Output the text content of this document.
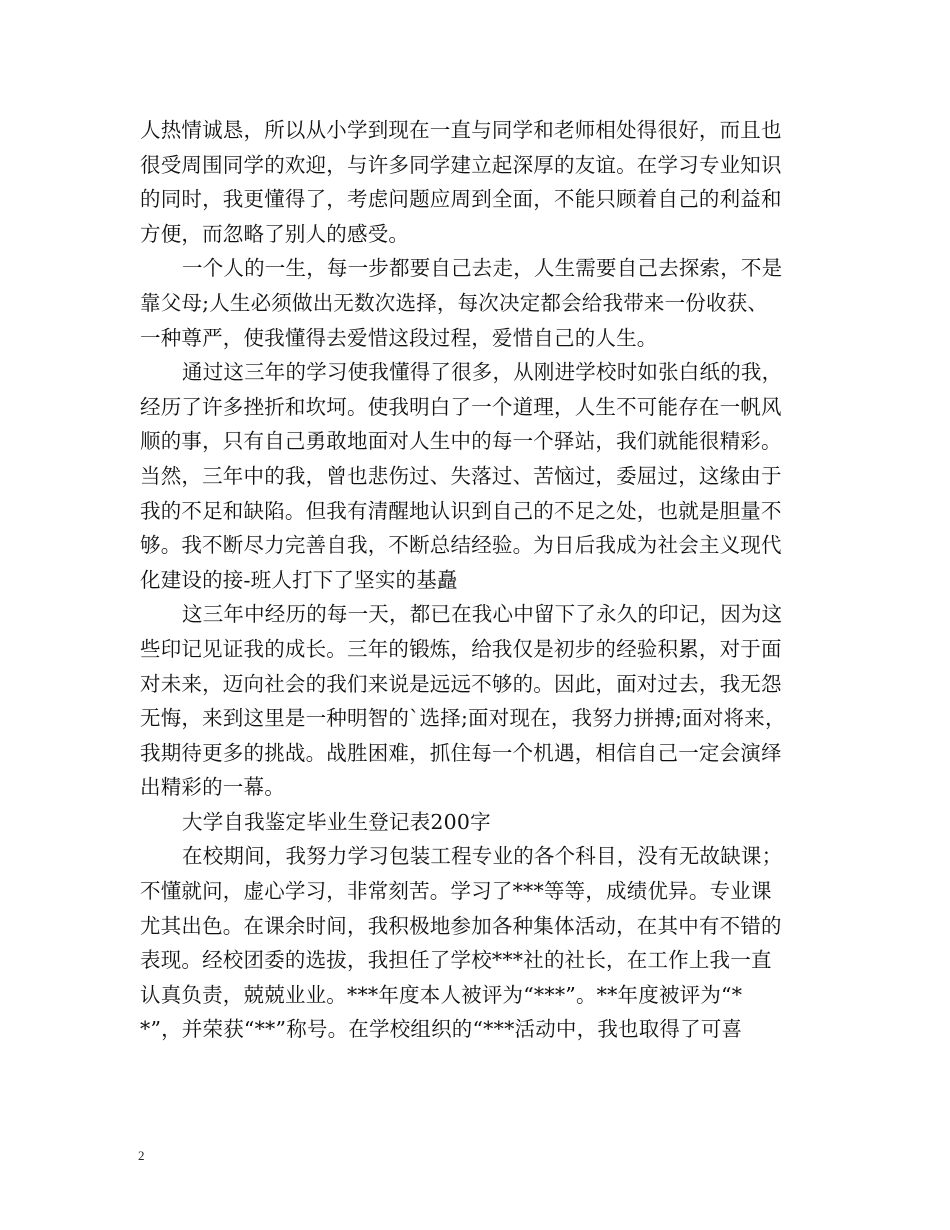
人热情诚恳，所以从小学到现在一直与同学和老师相处得很好，而且也
很受周围同学的欢迎，与许多同学建立起深厚的友谊。在学习专业知识
的同时，我更懂得了，考虑问题应周到全面，不能只顾着自己的利益和
方便，而忽略了别人的感受。
一个人的一生，每一步都要自己去走，人生需要自己去探索，不是
靠父母;人生必须做出无数次选择，每次决定都会给我带来一份收获、
一种尊严，使我懂得去爱惜这段过程，爱惜自己的人生。
通过这三年的学习使我懂得了很多，从刚进学校时如张白纸的我，
经历了许多挫折和坎坷。使我明白了一个道理，人生不可能存在一帆风
顺的事，只有自己勇敢地面对人生中的每一个驿站，我们就能很精彩。
当然，三年中的我，曾也悲伤过、失落过、苦恼过，委屈过，这缘由于
我的不足和缺陷。但我有清醒地认识到自己的不足之处，也就是胆量不
够。我不断尽力完善自我，不断总结经验。为日后我成为社会主义现代
化建设的接-班人打下了坚实的基矗
这三年中经历的每一天，都已在我心中留下了永久的印记，因为这
些印记见证我的成长。三年的锻炼，给我仅是初步的经验积累，对于面
对未来，迈向社会的我们来说是远远不够的。因此，面对过去，我无怨
无悔，来到这里是一种明智的`选择;面对现在，我努力拼搏;面对将来，
我期待更多的挑战。战胜困难，抓住每一个机遇，相信自己一定会演绎
出精彩的一幕。
大学自我鉴定毕业生登记表200字
在校期间，我努力学习包装工程专业的各个科目，没有无故缺课；
不懂就问，虚心学习，非常刻苦。学习了***等等，成绩优异。专业课
尤其出色。在课余时间，我积极地参加各种集体活动，在其中有不错的
表现。经校团委的选拔，我担任了学校***社的社长，在工作上我一直
认真负责，兢兢业业。***年度本人被评为“***”。**年度被评为“*
*”，并荣获“**”称号。在学校组织的“***活动中，我也取得了可喜
2
